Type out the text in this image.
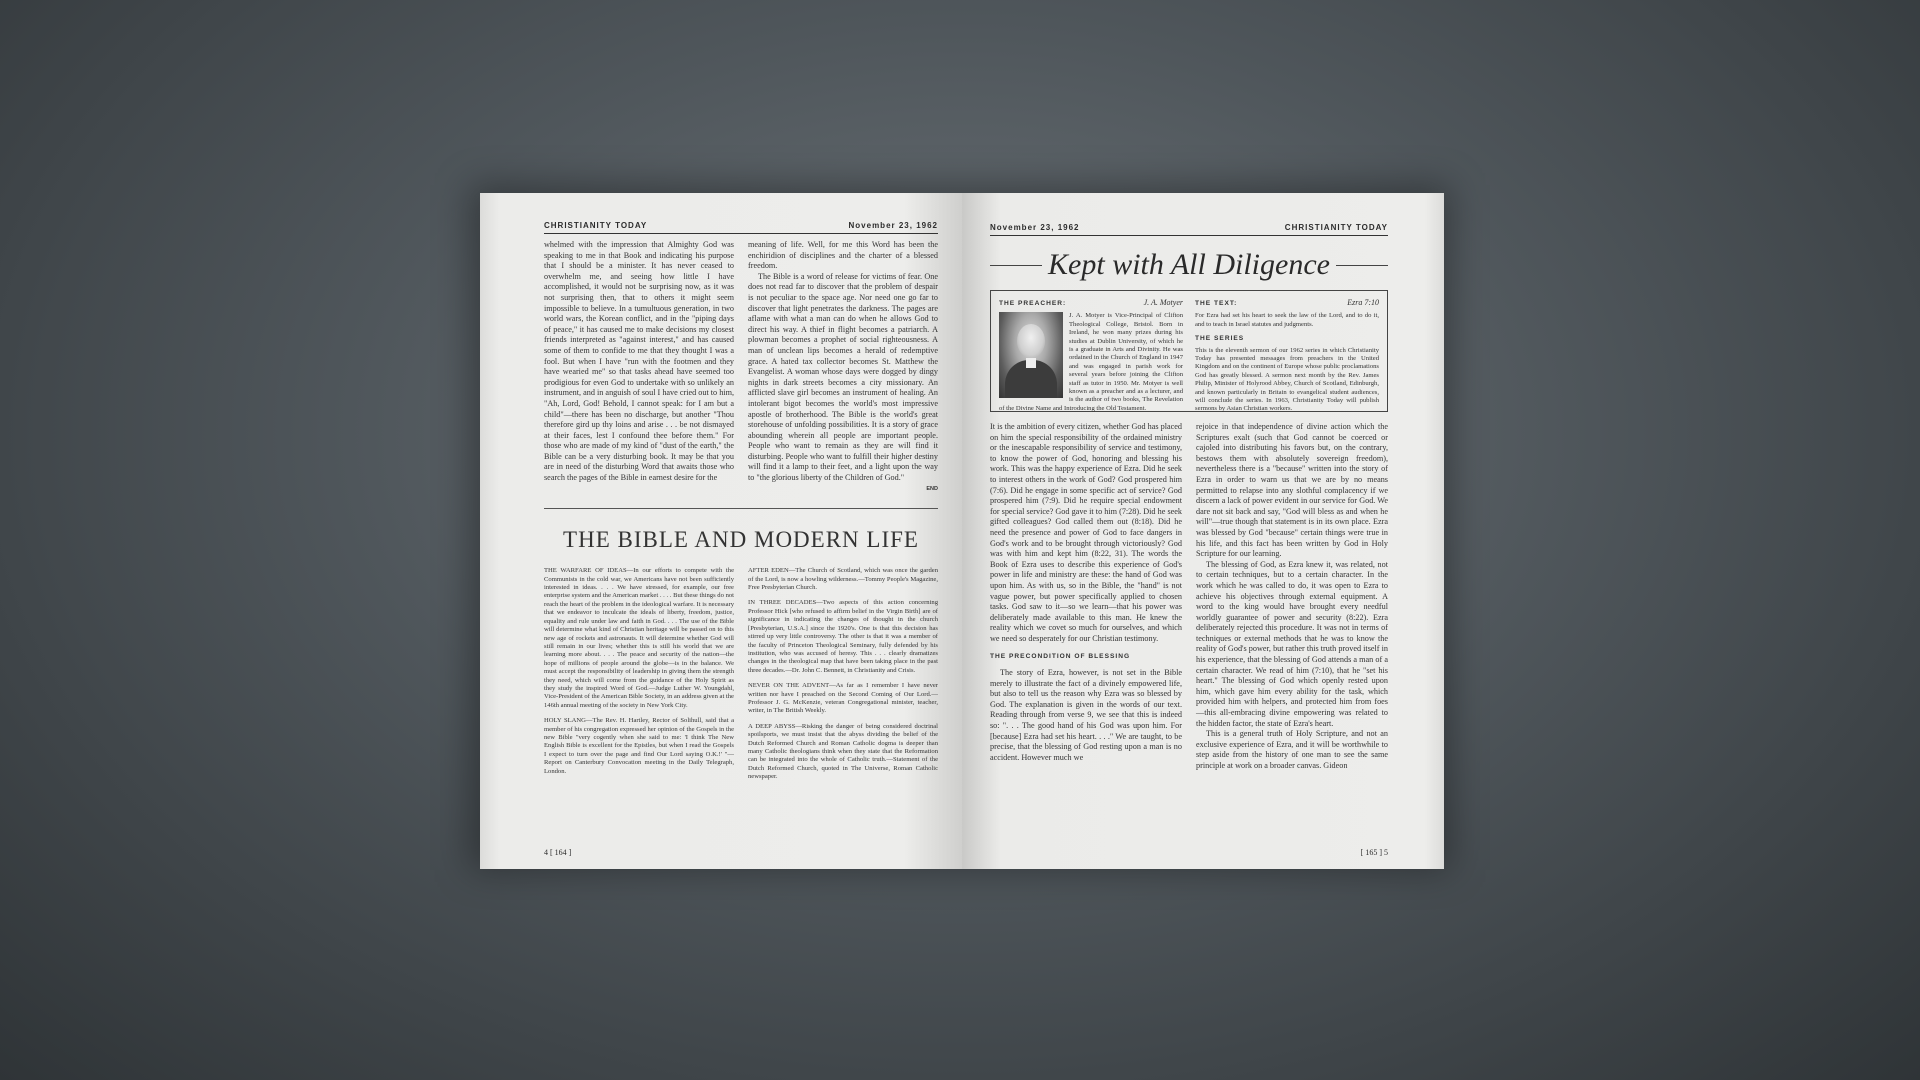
CHRISTIANITY TODAY	November 23, 1962

whelmed with the impression that Almighty God was speaking to me in that Book and indicating his purpose that I should be a minister. It has never ceased to overwhelm me, and seeing how little I have accomplished, it would not be surprising now, as it was not surprising then, that to others it might seem impossible to believe. In a tumultuous generation, in two world wars, the Korean conflict, and in the "piping days of peace," it has caused me to make decisions my closest friends interpreted as "against interest," and has caused some of them to confide to me that they thought I was a fool. But when I have "run with the footmen and they have wearied me" so that tasks ahead have seemed too prodigious for even God to undertake with so unlikely an instrument, and in anguish of soul I have cried out to him, "Ah, Lord, God! Behold, I cannot speak: for I am but a child"—there has been no discharge, but another "Thou therefore gird up thy loins and arise . . . be not dismayed at their faces, lest I confound thee before them." For those who are made of my kind of "dust of the earth," the Bible can be a very disturbing book. It may be that you are in need of the disturbing Word that awaits those who search the pages of the Bible in earnest desire for the

meaning of life. Well, for me this Word has been the enchiridion of disciplines and the charter of a blessed freedom.

The Bible is a word of release for victims of fear. One does not read far to discover that the problem of despair is not peculiar to the space age. Nor need one go far to discover that light penetrates the darkness. The pages are aflame with what a man can do when he allows God to direct his way. A thief in flight becomes a patriarch. A plowman becomes a prophet of social righteousness. A man of unclean lips becomes a herald of redemptive grace. A hated tax collector becomes St. Matthew the Evangelist. A woman whose days were dogged by dingy nights in dark streets becomes a city missionary. An afflicted slave girl becomes an instrument of healing. An intolerant bigot becomes the world's most impressive apostle of brotherhood. The Bible is the world's great storehouse of unfolding possibilities. It is a story of grace abounding wherein all people are important people. People who want to remain as they are will find it disturbing. People who want to fulfill their higher destiny will find it a lamp to their feet, and a light upon the way to "the glorious liberty of the Children of God."

END
THE BIBLE AND MODERN LIFE

THE WARFARE OF IDEAS—In our efforts to compete with the Communists in the cold war, we Americans have not been sufficiently interested in ideas. . . . We have stressed, for example, our free enterprise system and the American market . . . . But these things do not reach the heart of the problem in the ideological warfare. It is necessary that we endeavor to inculcate the ideals of liberty, freedom, justice, equality and rule under law and faith in God. . . . The use of the Bible will determine what kind of Christian heritage will be passed on to this new age of rockets and astronauts. It will determine whether God will still remain in our lives; whether this is still his world that we are learning more about. . . . The peace and security of the nation—the hope of millions of people around the globe—is in the balance. We must accept the responsibility of leadership in giving them the strength they need, which will come from the guidance of the Holy Spirit as they study the inspired Word of God.—Judge Luther W. Youngdahl, Vice-President of the American Bible Society, in an address given at the 146th annual meeting of the society in New York City.

HOLY SLANG—The Rev. H. Hartley, Rector of Solihull, said that a member of his congregation expressed her opinion of the Gospels in the new Bible "very cogently when she said to me: 'I think The New English Bible is excellent for the Epistles, but when I read the Gospels I expect to turn over the page and find Our Lord saying O.K.!' "—Report on Canterbury Convocation meeting in the Daily Telegraph, London.

AFTER EDEN—The Church of Scotland, which was once the garden of the Lord, is now a howling wilderness.—Tommy People's Magazine, Free Presbyterian Church.

IN THREE DECADES—Two aspects of this action concerning Professor Hick [who refused to affirm belief in the Virgin Birth] are of significance in indicating the changes of thought in the church [Presbyterian, U.S.A.] since the 1920's. One is that this decision has stirred up very little controversy. The other is that it was a member of the faculty of Princeton Theological Seminary, fully defended by his institution, who was accused of heresy. This . . . clearly dramatizes changes in the theological map that have been taking place in the past three decades.—Dr. John C. Bennett, in Christianity and Crisis.

NEVER ON THE ADVENT—As far as I remember I have never written nor have I preached on the Second Coming of Our Lord.—Professor J. G. McKenzie, veteran Congregational minister, teacher, writer, in The British Weekly.

A DEEP ABYSS—Risking the danger of being considered doctrinal spoilsports, we must insist that the abyss dividing the belief of the Dutch Reformed Church and Roman Catholic dogma is deeper than many Catholic theologians think when they state that the Reformation can be integrated into the whole of Catholic truth.—Statement of the Dutch Reformed Church, quoted in The Universe, Roman Catholic newspaper.

4 [ 164 ]
November 23, 1962	CHRISTIANITY TODAY
Kept with All Diligence
THE PREACHER:	J. A. Motyer
J. A. Motyer is Vice-Principal of Clifton Theological College, Bristol. Born in Ireland, he won many prizes during his studies at Dublin University, of which he is a graduate in Arts and Divinity. He was ordained in the Church of England in 1947 and was engaged in parish work for several years before joining the Clifton staff as tutor in 1950. Mr. Motyer is well known as a preacher and as a lecturer, and is the author of two books, The Revelation of the Divine Name and Introducing the Old Testament.
THE TEXT:	Ezra 7:10
For Ezra had set his heart to seek the law of the Lord, and to do it, and to teach in Israel statutes and judgments.
THE SERIES
This is the eleventh sermon of our 1962 series in which Christianity Today has presented messages from preachers in the United Kingdom and on the continent of Europe whose public proclamations God has greatly blessed. A sermon next month by the Rev. James Philip, Minister of Holyrood Abbey, Church of Scotland, Edinburgh, and known particularly in Britain to evangelical student audiences, will conclude the series. In 1963, Christianity Today will publish sermons by Asian Christian workers.

It is the ambition of every citizen, whether God has placed on him the special responsibility of the ordained ministry or the inescapable responsibility of service and testimony, to know the power of God, honoring and blessing his work. This was the happy experience of Ezra. Did he seek to interest others in the work of God? God prospered him (7:6). Did he engage in some specific act of service? God prospered him (7:9). Did he require special endowment for special service? God gave it to him (7:28). Did he seek gifted colleagues? God called them out (8:18). Did he need the presence and power of God to face dangers in God's work and to be brought through victoriously? God was with him and kept him (8:22, 31). The words the Book of Ezra uses to describe this experience of God's power in life and ministry are these: the hand of God was upon him. As with us, so in the Bible, the "hand" is not vague power, but power specifically applied to chosen tasks. God saw to it—so we learn—that his power was deliberately made available to this man. He knew the reality which we covet so much for ourselves, and which we need so desperately for our Christian testimony.

THE PRECONDITION OF BLESSING

The story of Ezra, however, is not set in the Bible merely to illustrate the fact of a divinely empowered life, but also to tell us the reason why Ezra was so blessed by God. The explanation is given in the words of our text. Reading through from verse 9, we see that this is indeed so: ". . . The good hand of his God was upon him. For [because] Ezra had set his heart. . . ." We are taught, to be precise, that the blessing of God resting upon a man is no accident. However much we

rejoice in that independence of divine action which the Scriptures exalt (such that God cannot be coerced or cajoled into distributing his favors but, on the contrary, bestows them with absolutely sovereign freedom), nevertheless there is a "because" written into the story of Ezra in order to warn us that we are by no means permitted to relapse into any slothful complacency if we discern a lack of power evident in our service for God. We dare not sit back and say, "God will bless as and when he will"—true though that statement is in its own place. Ezra was blessed by God "because" certain things were true in his life, and this fact has been written by God in Holy Scripture for our learning.

The blessing of God, as Ezra knew it, was related, not to certain techniques, but to a certain character. In the work which he was called to do, it was open to Ezra to achieve his objectives through external equipment. A word to the king would have brought every needful worldly guarantee of power and security (8:22). Ezra deliberately rejected this procedure. It was not in terms of techniques or external methods that he was to know the reality of God's power, but rather this truth proved itself in his experience, that the blessing of God attends a man of a certain character. We read of him (7:10), that he "set his heart." The blessing of God which openly rested upon him, which gave him every ability for the task, which provided him with helpers, and protected him from foes —this all-embracing divine empowering was related to the hidden factor, the state of Ezra's heart.

This is a general truth of Holy Scripture, and not an exclusive experience of Ezra, and it will be worthwhile to step aside from the history of one man to see the same principle at work on a broader canvas. Gideon

[ 165 ] 5
